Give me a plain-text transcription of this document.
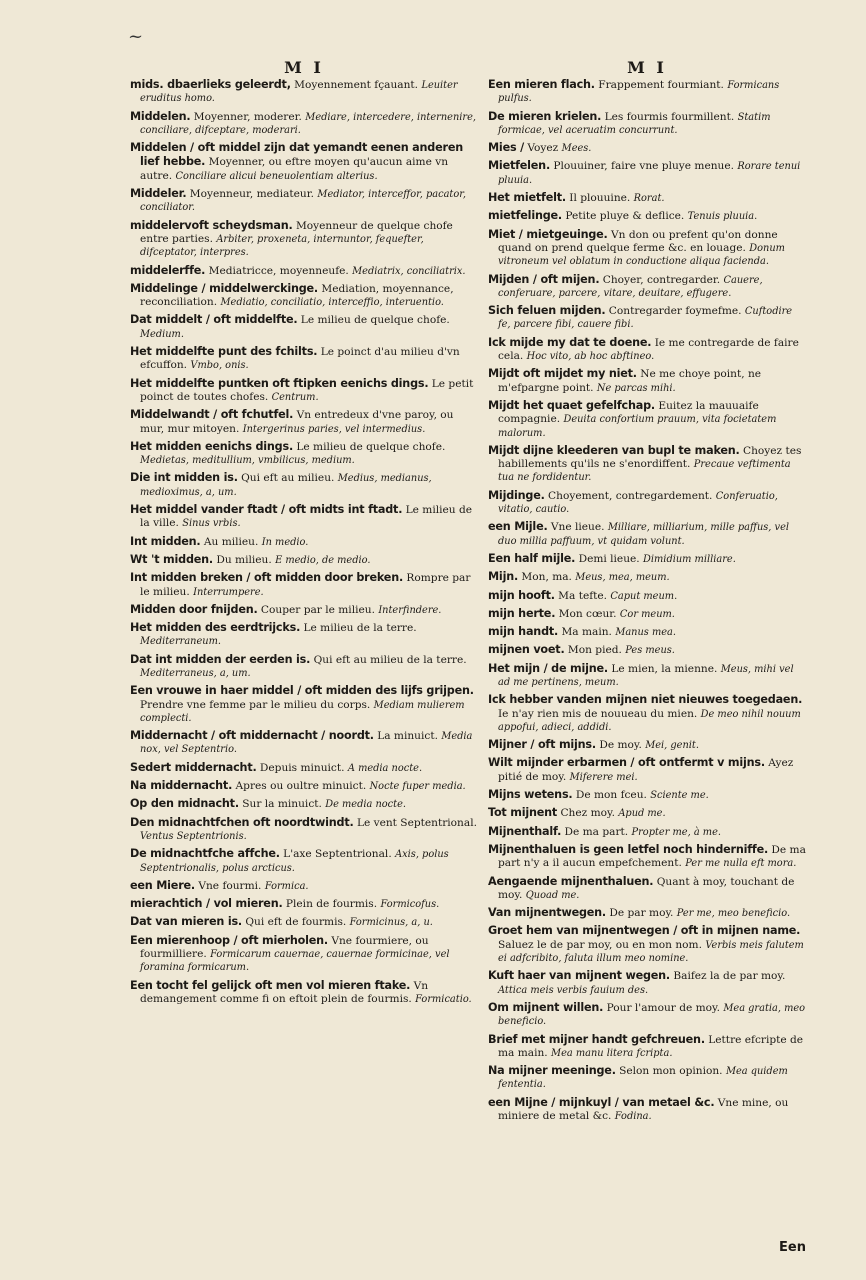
~
M I

mids. dbaerlieks geleerdt, Moyennement fçauant. Leuiter eruditus homo.

Middelen. Moyenner, moderer. Mediare, intercedere, internenire, conciliare, difceptare, moderari.

Middelen / oft middel zijn dat yemandt eenen anderen lief hebbe. Moyenner, ou eftre moyen qu'aucun aime vn autre. Conciliare alicui beneuolentiam alterius.

Middeler. Moyenneur, mediateur. Mediator, interceffor, pacator, conciliator.

middelervoft scheydsman. Moyenneur de quelque chofe entre parties. Arbiter, proxeneta, internuntor, fequefter, difceptator, interpres.

middelerffe. Mediatricce, moyenneufe. Mediatrix, conciliatrix.

Middelinge / middelwerckinge. Mediation, moyennance, reconciliation. Mediatio, conciliatio, interceffio, interuentio.

Dat middelt / oft middelfte. Le milieu de quelque chofe. Medium.

Het middelfte punt des fchilts. Le poinct d'au milieu d'vn efcuffon. Vmbo, onis.

Het middelfte puntken oft ftipken eenichs dings. Le petit poinct de toutes chofes. Centrum.

Middelwandt / oft fchutfel. Vn entredeux d'vne paroy, ou mur, mur mitoyen. Intergerinus paries, vel intermedius.

Het midden eenichs dings. Le milieu de quelque chofe. Medietas, meditullium, vmbilicus, medium.

Die int midden is. Qui eft au milieu. Medius, medianus, medioximus, a, um.

Het middel vander ftadt / oft midts int ftadt. Le milieu de la ville. Sinus vrbis.

Int midden. Au milieu. In medio.

Wt 't midden. Du milieu. E medio, de medio.

Int midden breken / oft midden door breken. Rompre par le milieu. Interrumpere.

Midden door fnijden. Couper par le milieu. Interfindere.

Het midden des eerdtrijcks. Le milieu de la terre. Mediterraneum.

Dat int midden der eerden is. Qui eft au milieu de la terre. Mediterraneus, a, um.

Een vrouwe in haer middel / oft midden des lijfs grijpen. Prendre vne femme par le milieu du corps. Mediam mulierem complecti.

Middernacht / oft middernacht / noordt. La minuict. Media nox, vel Septentrio.

Sedert middernacht. Depuis minuict. A media nocte.

Na middernacht. Apres ou oultre minuict. Nocte fuper media.

Op den midnacht. Sur la minuict. De media nocte.

Den midnachtfchen oft noordtwindt. Le vent Septentrional. Ventus Septentrionis.

De midnachtfche affche. L'axe Septentrional. Axis, polus Septentrionalis, polus arcticus.

een Miere. Vne fourmi. Formica.

mierachtich / vol mieren. Plein de fourmis. Formicofus.

Dat van mieren is. Qui eft de fourmis. Formicinus, a, u.

Een mierenhoop / oft mierholen. Vne fourmiere, ou fourmilliere. Formicarum cauernae, cauernae formicinae, vel foramina formicarum.

Een tocht fel gelijck oft men vol mieren ftake. Vn demangement comme fi on eftoit plein de fourmis. Formicatio.

M I

Een mieren flach. Frappement fourmiant. Formicans pulfus.

De mieren krielen. Les fourmis fourmillent. Statim formicae, vel aceruatim concurrunt.

Mies / Voyez Mees.

Mietfelen. Plouuiner, faire vne pluye menue. Rorare tenui pluuia.

Het mietfelt. Il plouuine. Rorat.

mietfelinge. Petite pluye & deflice. Tenuis pluuia.

Miet / mietgeuinge. Vn don ou prefent qu'on donne quand on prend quelque ferme &c. en louage. Donum vitroneum vel oblatum in conductione aliqua facienda.

Mijden / oft mijen. Choyer, contregarder. Cauere, conferuare, parcere, vitare, deuitare, effugere.

Sich feluen mijden. Contregarder foymefme. Cuftodire fe, parcere fibi, cauere fibi.

Ick mijde my dat te doene. Ie me contregarde de faire cela. Hoc vito, ab hoc abftineo.

Mijdt oft mijdet my niet. Ne me choye point, ne m'efpargne point. Ne parcas mihi.

Mijdt het quaet gefelfchap. Euitez la mauuaife compagnie. Deuita confortium prauum, vita focietatem malorum.

Mijdt dijne kleederen van bupl te maken. Choyez tes habillements qu'ils ne s'enordiffent. Precaue veftimenta tua ne fordidentur.

Mijdinge. Choyement, contregardement. Conferuatio, vitatio, cautio.

een Mijle. Vne lieue. Milliare, milliarium, mille paffus, vel duo millia paffuum, vt quidam volunt.

Een half mijle. Demi lieue. Dimidium milliare.

Mijn. Mon, ma. Meus, mea, meum.

mijn hooft. Ma tefte. Caput meum.

mijn herte. Mon cœur. Cor meum.

mijn handt. Ma main. Manus mea.

mijnen voet. Mon pied. Pes meus.

Het mijn / de mijne. Le mien, la mienne. Meus, mihi vel ad me pertinens, meum.

Ick hebber vanden mijnen niet nieuwes toegedaen. Ie n'ay rien mis de nouueau du mien. De meo nihil nouum appofui, adieci, addidi.

Mijner / oft mijns. De moy. Mei, genit.

Wilt mijnder erbarmen / oft ontfermt v mijns. Ayez pitié de moy. Miferere mei.

Mijns wetens. De mon fceu. Sciente me.

Tot mijnent Chez moy. Apud me.

Mijnenthalf. De ma part. Propter me, à me.

Mijnenthaluen is geen letfel noch hinderniffe. De ma part n'y a il aucun empefchement. Per me nulla eft mora.

Aengaende mijnenthaluen. Quant à moy, touchant de moy. Quoad me.

Van mijnentwegen. De par moy. Per me, meo beneficio.

Groet hem van mijnentwegen / oft in mijnen name. Saluez le de par moy, ou en mon nom. Verbis meis falutem ei adfcribito, faluta illum meo nomine.

Kuft haer van mijnent wegen. Baifez la de par moy. Attica meis verbis fauium des.

Om mijnent willen. Pour l'amour de moy. Mea gratia, meo beneficio.

Brief met mijner handt gefchreuen. Lettre efcripte de ma main. Mea manu litera fcripta.

Na mijner meeninge. Selon mon opinion. Mea quidem fententia.

een Mijne / mijnkuyl / van metael &c. Vne mine, ou miniere de metal &c. Fodina.

Een
